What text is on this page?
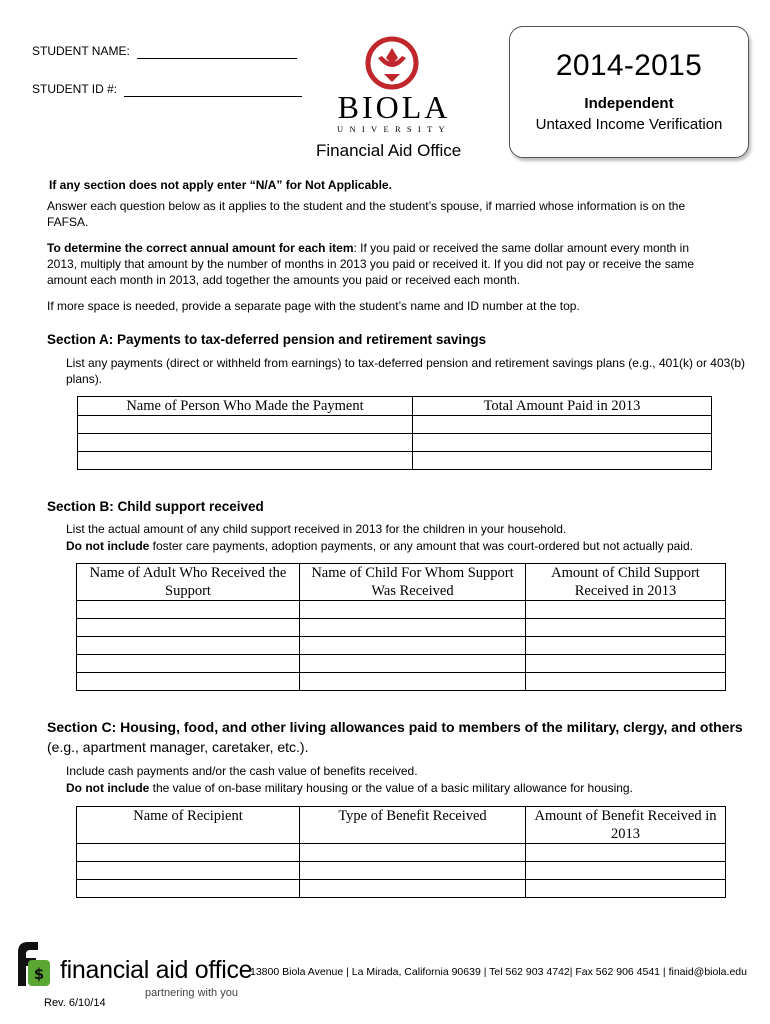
STUDENT NAME:
STUDENT ID #:	BIOLA
UNIVERSITY
Financial Aid Office
2014-2015
Independent
Untaxed Income Verification
If any section does not apply enter “N/A” for Not Applicable.

Answer each question below as it applies to the student and the student’s spouse, if married whose information is on the FAFSA.

To determine the correct annual amount for each item: If you paid or received the same dollar amount every month in 2013, multiply that amount by the number of months in 2013 you paid or received it. If you did not pay or receive the same amount each month in 2013, add together the amounts you paid or received each month.

If more space is needed, provide a separate page with the student’s name and ID number at the top.

Section A: Payments to tax-deferred pension and retirement savings

List any payments (direct or withheld from earnings) to tax-deferred pension and retirement savings plans (e.g., 401(k) or 403(b) plans).

Name of Person Who Made the Payment	Total Amount Paid in 2013

Section B: Child support received

List the actual amount of any child support received in 2013 for the children in your household.

Do not include foster care payments, adoption payments, or any amount that was court-ordered but not actually paid.

Name of Adult Who Received the Support	Name of Child For Whom Support Was Received	Amount of Child Support Received in 2013

Section C: Housing, food, and other living allowances paid to members of the military, clergy, and others
(e.g., apartment manager, caretaker, etc.).

Include cash payments and/or the cash value of benefits received.

Do not include the value of on-base military housing or the value of a basic military allowance for housing.

Name of Recipient	Type of Benefit Received	Amount of Benefit Received in 2013

$ financial aid office
partnering with you
13800 Biola Avenue | La Mirada, California 90639 | Tel 562 903 4742| Fax 562 906 4541 | finaid@biola.edu
Rev. 6/10/14
